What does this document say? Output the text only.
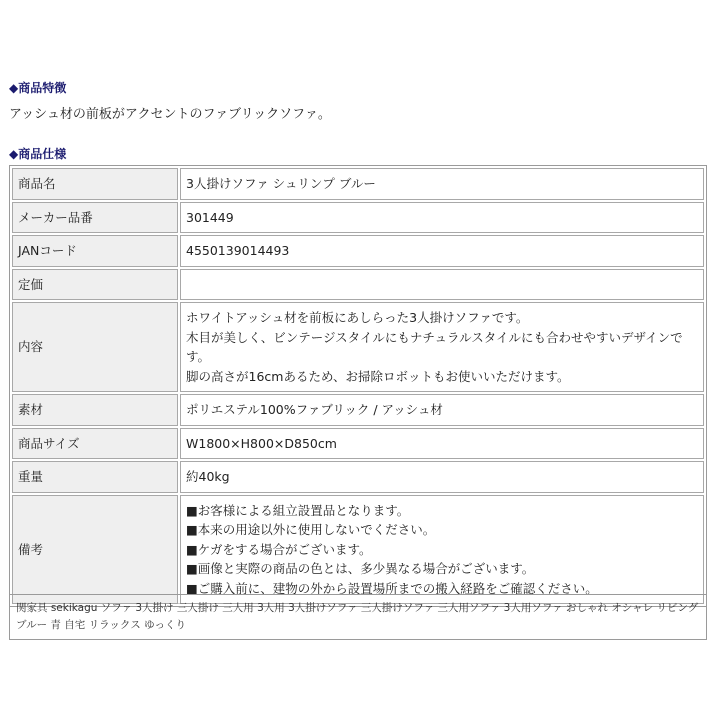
◆商品特徴

アッシュ材の前板がアクセントのファブリックソファ。

◆商品仕様
商品名	3人掛けソファ シュリンプ ブルー

メーカー品番	301449

JANコード	4550139014493

定価	
内容	ホワイトアッシュ材を前板にあしらった3人掛けソファです。
木目が美しく、ビンテージスタイルにもナチュラルスタイルにも合わせやすいデザインです。
脚の高さが16cmあるため、お掃除ロボットもお使いいただけます。

素材	ポリエステル100%ファブリック / アッシュ材

商品サイズ	W1800×H800×D850cm

重量	約40kg

備考	■お客様による組立設置品となります。
■本来の用途以外に使用しないでください。
■ケガをする場合がございます。
■画像と実際の商品の色とは、多少異なる場合がございます。
■ご購入前に、建物の外から設置場所までの搬入経路をご確認ください。

関家具 sekikagu ソファ 3人掛け 三人掛け 三人用 3人用 3人掛けソファ 三人掛けソファ 三人用ソファ 3人用ソファ おしゃれ オシャレ リビング ブルー 青 自宅 リラックス ゆっくり
